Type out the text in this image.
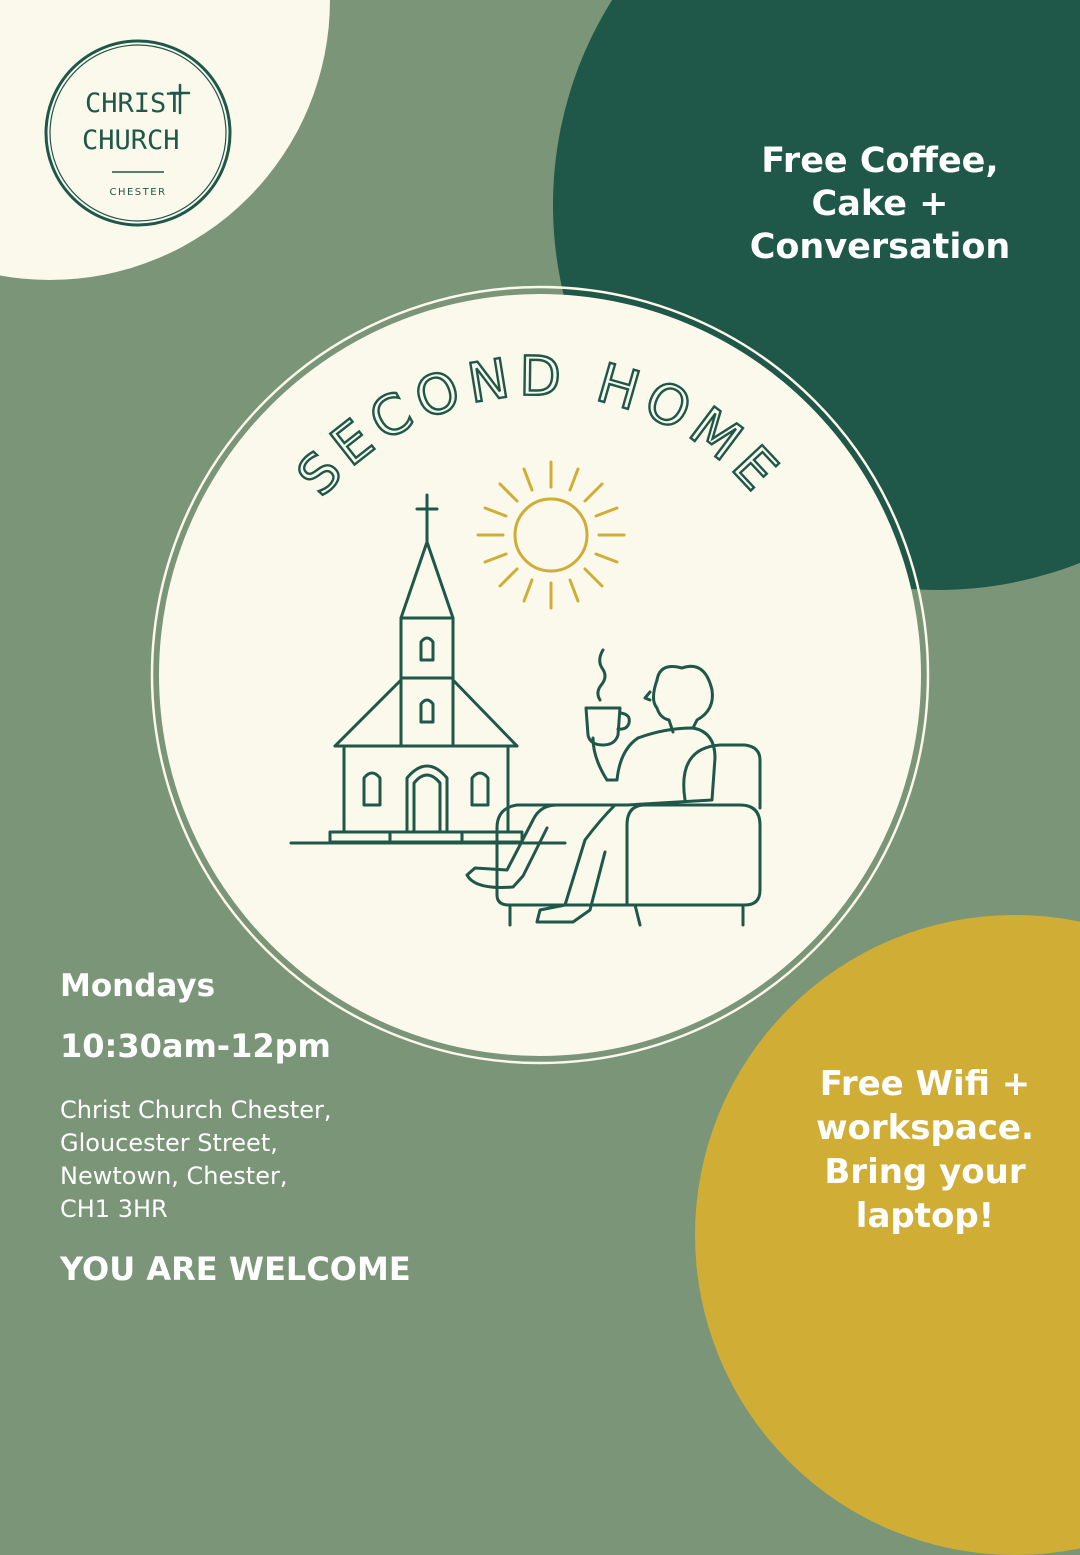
CHRIST
CHURCH
CHESTER
Free Coffee,
Cake +
Conversation
SECOND HOME
Mondays
10:30am-12pm
Christ Church Chester,
Gloucester Street,
Newtown, Chester,
CH1 3HR
YOU ARE WELCOME
Free Wifi +
workspace.
Bring your
laptop!
